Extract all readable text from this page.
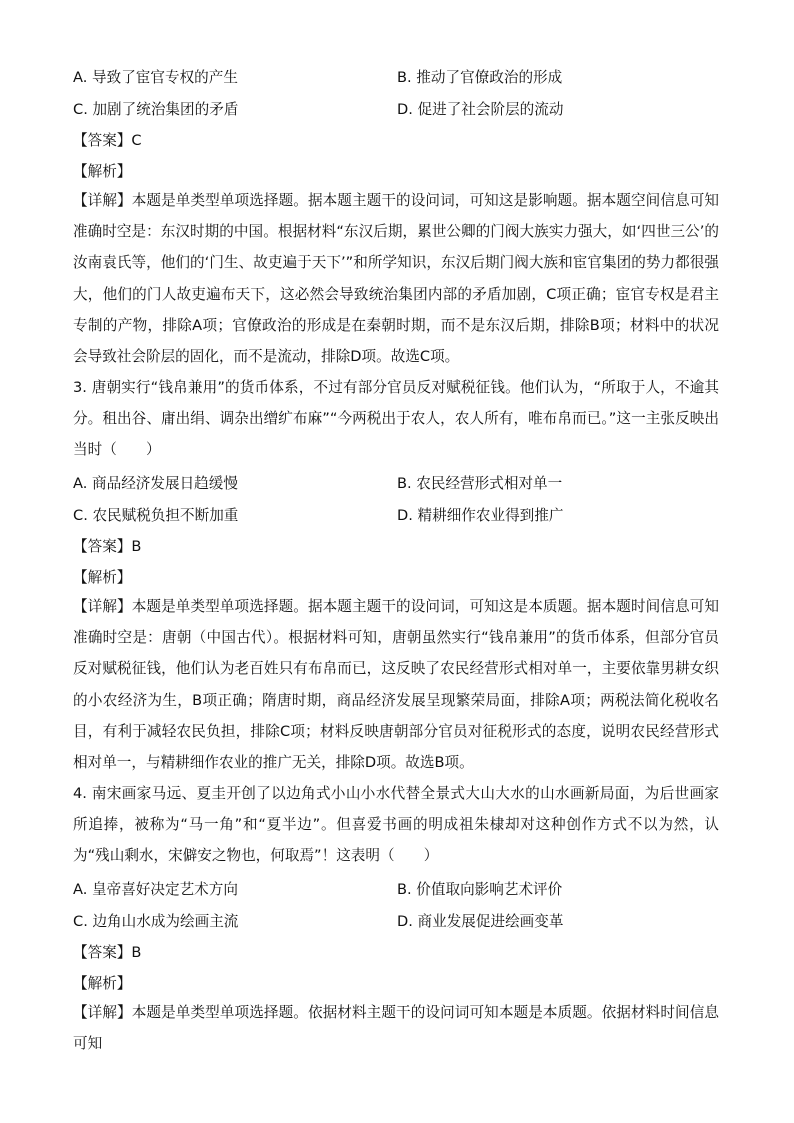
A. 导致了宦官专权的产生	B. 推动了官僚政治的形成
C. 加剧了统治集团的矛盾	D. 促进了社会阶层的流动
【答案】C
【解析】
【详解】本题是单类型单项选择题。据本题主题干的设问词，可知这是影响题。据本题空间信息可知准确时空是：东汉时期的中国。根据材料“东汉后期，累世公卿的门阀大族实力强大，如‘四世三公’的汝南袁氏等，他们的‘门生、故吏遍于天下’”和所学知识，东汉后期门阀大族和宦官集团的势力都很强大，他们的门人故吏遍布天下，这必然会导致统治集团内部的矛盾加剧，C项正确；宦官专权是君主专制的产物，排除A项；官僚政治的形成是在秦朝时期，而不是东汉后期，排除B项；材料中的状况会导致社会阶层的固化，而不是流动，排除D项。故选C项。
3. 唐朝实行“钱帛兼用”的货币体系，不过有部分官员反对赋税征钱。他们认为，“所取于人，不逾其分。租出谷、庸出绢、调杂出缯纩布麻”“今两税出于农人，农人所有，唯布帛而已。”这一主张反映出当时（　　）
A. 商品经济发展日趋缓慢	B. 农民经营形式相对单一
C. 农民赋税负担不断加重	D. 精耕细作农业得到推广
【答案】B
【解析】
【详解】本题是单类型单项选择题。据本题主题干的设问词，可知这是本质题。据本题时间信息可知准确时空是：唐朝（中国古代）。根据材料可知，唐朝虽然实行“钱帛兼用”的货币体系，但部分官员反对赋税征钱，他们认为老百姓只有布帛而已，这反映了农民经营形式相对单一，主要依靠男耕女织的小农经济为生，B项正确；隋唐时期，商品经济发展呈现繁荣局面，排除A项；两税法简化税收名目，有利于减轻农民负担，排除C项；材料反映唐朝部分官员对征税形式的态度，说明农民经营形式相对单一，与精耕细作农业的推广无关，排除D项。故选B项。
4. 南宋画家马远、夏圭开创了以边角式小山小水代替全景式大山大水的山水画新局面，为后世画家所追捧，被称为“马一角”和“夏半边”。但喜爱书画的明成祖朱棣却对这种创作方式不以为然，认为“残山剩水，宋僻安之物也，何取焉”！这表明（　　）
A. 皇帝喜好决定艺术方向	B. 价值取向影响艺术评价
C. 边角山水成为绘画主流	D. 商业发展促进绘画变革
【答案】B
【解析】
【详解】本题是单类型单项选择题。依据材料主题干的设问词可知本题是本质题。依据材料时间信息可知
